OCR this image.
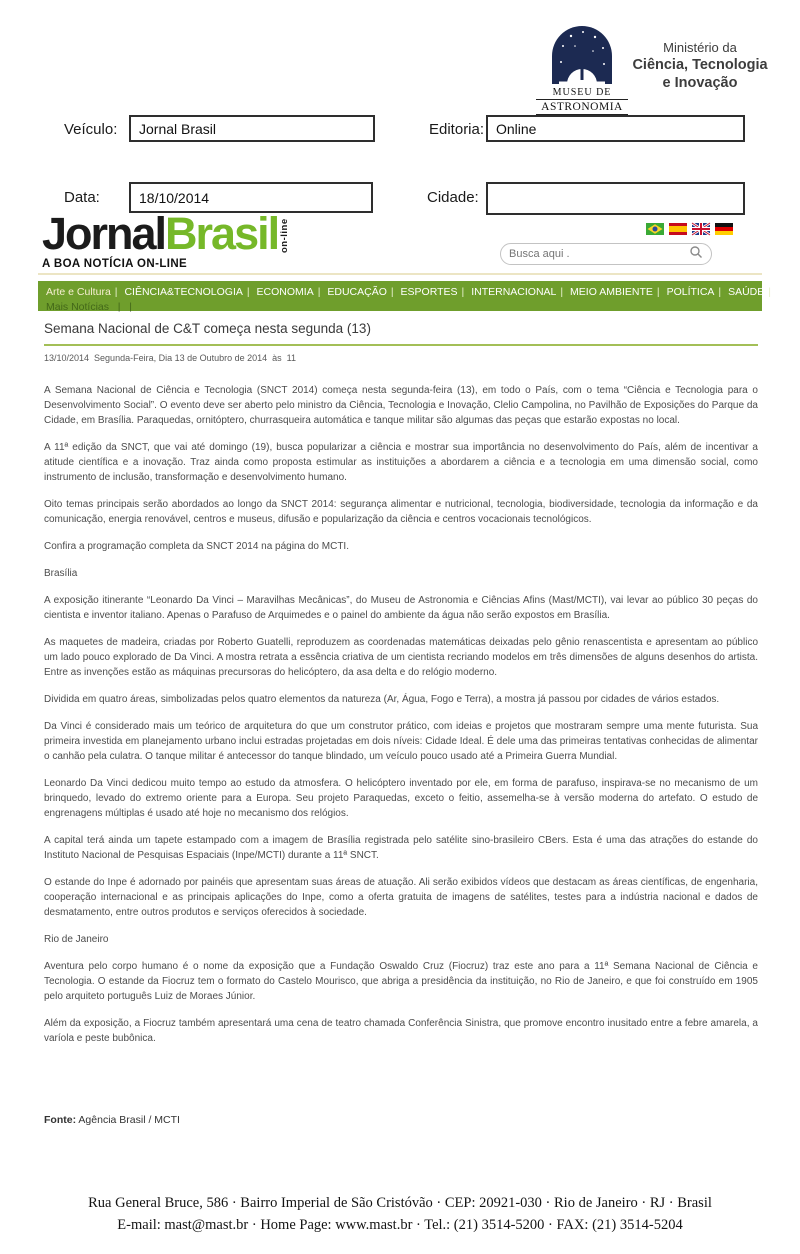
MUSEU DE
ASTRONOMIA
Ministério da
Ciência, Tecnologia
e Inovação
Veículo:
Jornal Brasil	Editoria:
Online
Data:
18/10/2014	Cidade:
JornalBrasilon-line
A BOA NOTÍCIA ON-LINE
Busca aqui .
Arte e Cultura | CIÊNCIA&TECNOLOGIA | ECONOMIA | EDUCAÇÃO | ESPORTES | INTERNACIONAL | MEIO AMBIENTE | POLÍTICA | SAÚDE |
Mais Notícias   |   |
Semana Nacional de C&T começa nesta segunda (13)
13/10/2014  Segunda-Feira, Dia 13 de Outubro de 2014  às  11

A Semana Nacional de Ciência e Tecnologia (SNCT 2014) começa nesta segunda-feira (13), em todo o País, com o tema “Ciência e Tecnologia para o Desenvolvimento Social”. O evento deve ser aberto pelo ministro da Ciência, Tecnologia e Inovação, Clelio Campolina, no Pavilhão de Exposições do Parque da Cidade, em Brasília. Paraquedas, ornitóptero, churrasqueira automática e tanque militar são algumas das peças que estarão expostas no local.

A 11ª edição da SNCT, que vai até domingo (19), busca popularizar a ciência e mostrar sua importância no desenvolvimento do País, além de incentivar a atitude científica e a inovação. Traz ainda como proposta estimular as instituições a abordarem a ciência e a tecnologia em uma dimensão social, como instrumento de inclusão, transformação e desenvolvimento humano.

Oito temas principais serão abordados ao longo da SNCT 2014: segurança alimentar e nutricional, tecnologia, biodiversidade, tecnologia da informação e da comunicação, energia renovável, centros e museus, difusão e popularização da ciência e centros vocacionais tecnológicos.

Confira a programação completa da SNCT 2014 na página do MCTI.

Brasília

A exposição itinerante “Leonardo Da Vinci – Maravilhas Mecânicas”, do Museu de Astronomia e Ciências Afins (Mast/MCTI), vai levar ao público 30 peças do cientista e inventor italiano. Apenas o Parafuso de Arquimedes e o painel do ambiente da água não serão expostos em Brasília.

As maquetes de madeira, criadas por Roberto Guatelli, reproduzem as coordenadas matemáticas deixadas pelo gênio renascentista e apresentam ao público um lado pouco explorado de Da Vinci. A mostra retrata a essência criativa de um cientista recriando modelos em três dimensões de alguns desenhos do artista. Entre as invenções estão as máquinas precursoras do helicóptero, da asa delta e do relógio moderno.

Dividida em quatro áreas, simbolizadas pelos quatro elementos da natureza (Ar, Água, Fogo e Terra), a mostra já passou por cidades de vários estados.

Da Vinci é considerado mais um teórico de arquitetura do que um construtor prático, com ideias e projetos que mostraram sempre uma mente futurista. Sua primeira investida em planejamento urbano inclui estradas projetadas em dois níveis: Cidade Ideal. É dele uma das primeiras tentativas conhecidas de alimentar o canhão pela culatra. O tanque militar é antecessor do tanque blindado, um veículo pouco usado até a Primeira Guerra Mundial.

Leonardo Da Vinci dedicou muito tempo ao estudo da atmosfera. O helicóptero inventado por ele, em forma de parafuso, inspirava-se no mecanismo de um brinquedo, levado do extremo oriente para a Europa. Seu projeto Paraquedas, exceto o feitio, assemelha-se à versão moderna do artefato. O estudo de engrenagens múltiplas é usado até hoje no mecanismo dos relógios.

A capital terá ainda um tapete estampado com a imagem de Brasília registrada pelo satélite sino-brasileiro CBers. Esta é uma das atrações do estande do Instituto Nacional de Pesquisas Espaciais (Inpe/MCTI) durante a 11ª SNCT.

O estande do Inpe é adornado por painéis que apresentam suas áreas de atuação. Ali serão exibidos vídeos que destacam as áreas científicas, de engenharia, cooperação internacional e as principais aplicações do Inpe, como a oferta gratuita de imagens de satélites, testes para a indústria nacional e dados de desmatamento, entre outros produtos e serviços oferecidos à sociedade.

Rio de Janeiro

Aventura pelo corpo humano é o nome da exposição que a Fundação Oswaldo Cruz (Fiocruz) traz este ano para a 11ª Semana Nacional de Ciência e Tecnologia. O estande da Fiocruz tem o formato do Castelo Mourisco, que abriga a presidência da instituição, no Rio de Janeiro, e que foi construído em 1905 pelo arquiteto português Luiz de Moraes Júnior.

Além da exposição, a Fiocruz também apresentará uma cena de teatro chamada Conferência Sinistra, que promove encontro inusitado entre a febre amarela, a varíola e peste bubônica.

Fonte: Agência Brasil / MCTI
Rua General Bruce, 586 · Bairro Imperial de São Cristóvão · CEP: 20921-030 · Rio de Janeiro · RJ · Brasil
E-mail: mast@mast.br · Home Page: www.mast.br · Tel.: (21) 3514-5200 · FAX: (21) 3514-5204
